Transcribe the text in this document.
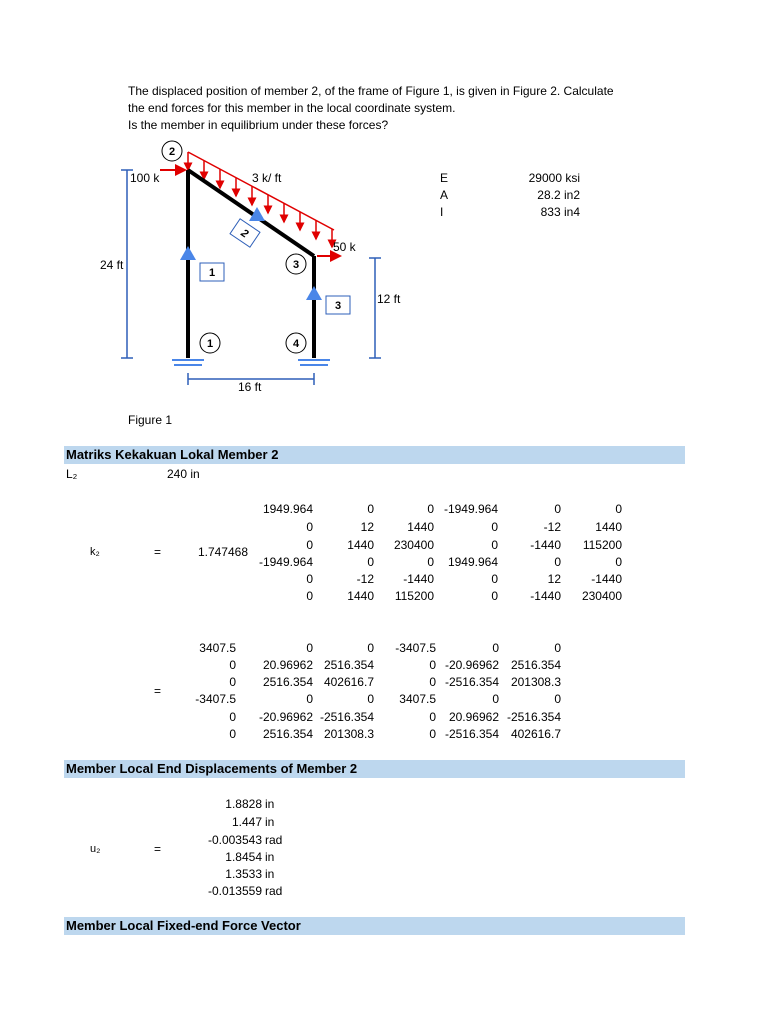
The displaced position of member 2, of the frame of Figure 1, is given in Figure 2. Calculate
the end forces for this member in the local coordinate system.
Is the member in equilibrium under these forces?
2
3
1	4
1
3
2
100 k	3 k/ ft
50 k
24 ft
12 ft
16 ft
Figure 1
E	29000 ksi
A	28.2 in2
I	833 in4
Matriks Kekakuan Lokal Member 2
L₂	240 in
k₂	=	1.747468
1949.964	0	0 -1949.964	0	0
0	12	1440	0	-12	1440
0	1440	230400	0	-1440	115200
-1949.964	0	0	1949.964	0	0
0	-12	-1440	0	12	-1440
0	1440	115200	0	-1440	230400
=
3407.5	0	0	-3407.5	0	0
0	20.96962 2516.354	0 -20.96962 2516.354
0	2516.354 402616.7	0 -2516.354 201308.3
-3407.5	0	0	3407.5	0	0
0	-20.96962 -2516.354	0	20.96962 -2516.354
0	2516.354 201308.3	0 -2516.354 402616.7
Member Local End Displacements of Member 2
u₂	=
1.8828 in
1.447 in
-0.003543 rad
1.8454 in
1.3533 in
-0.013559 rad
Member Local Fixed-end Force Vector
